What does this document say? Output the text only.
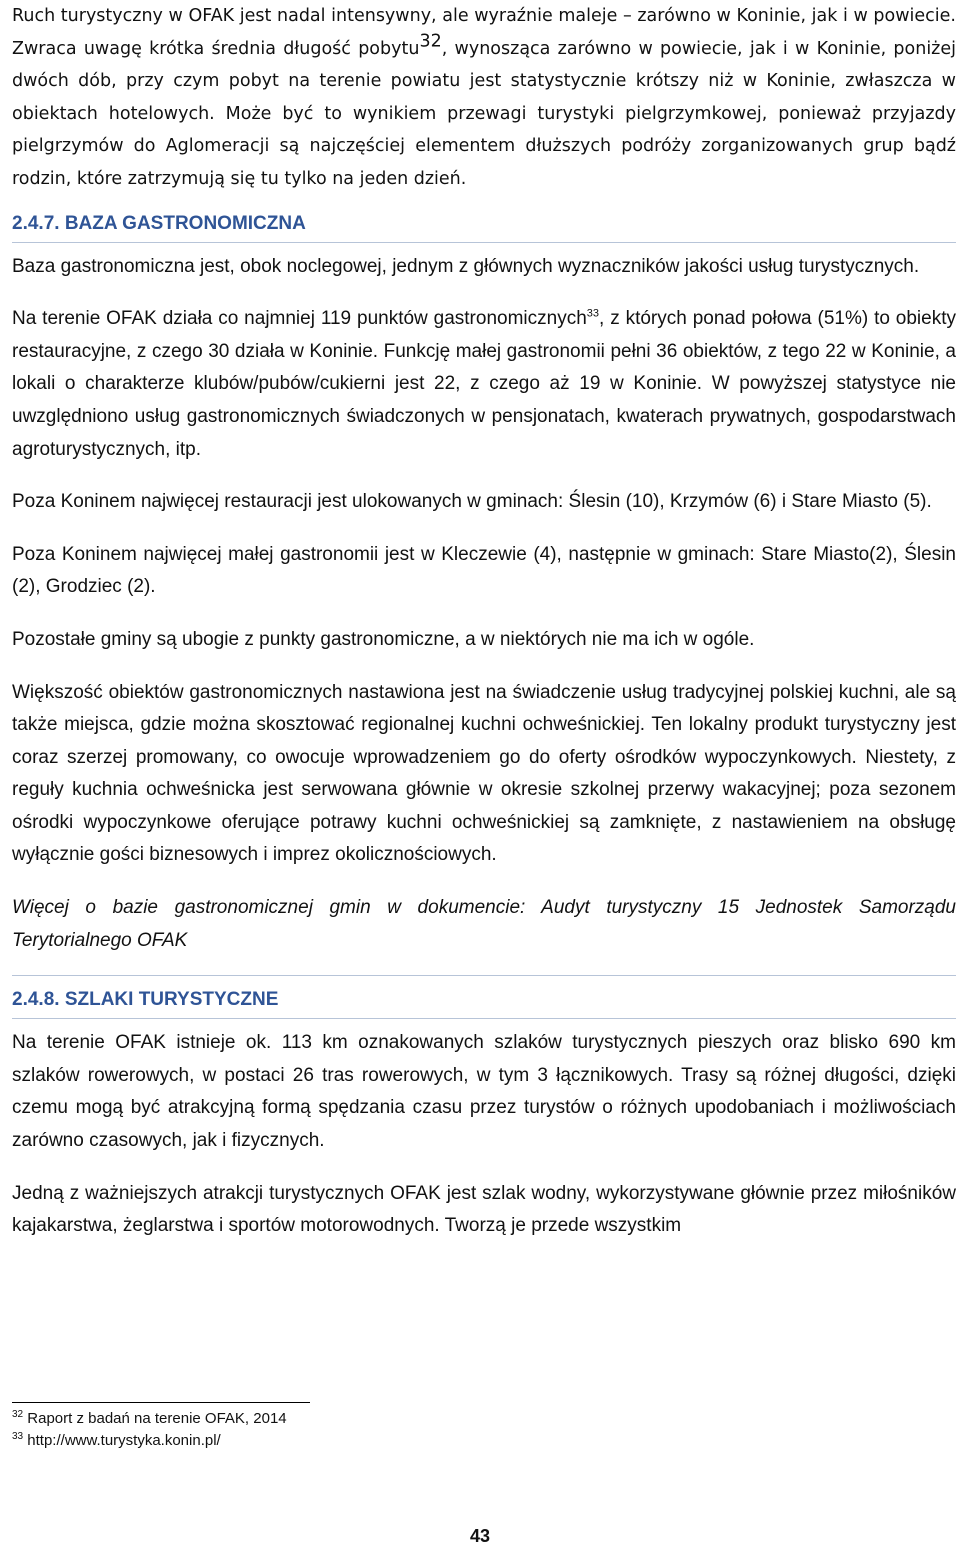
Ruch turystyczny w OFAK jest nadal intensywny, ale wyraźnie maleje – zarówno w Koninie, jak i w powiecie. Zwraca uwagę krótka średnia długość pobytu$^{32}$, wynosząca zarówno w powiecie, jak i w Koninie, poniżej dwóch dób, przy czym pobyt na terenie powiatu jest statystycznie krótszy niż w Koninie, zwłaszcza w obiektach hotelowych. Może być to wynikiem przewagi turystyki pielgrzymkowej, ponieważ przyjazdy pielgrzymów do Aglomeracji są najczęściej elementem dłuższych podróży zorganizowanych grup bądź rodzin, które zatrzymują się tu tylko na jeden dzień.

2.4.7. BAZA GASTRONOMICZNA

Baza gastronomiczna jest, obok noclegowej, jednym z głównych wyznaczników jakości usług turystycznych.

Na terenie OFAK działa co najmniej 119 punktów gastronomicznych$^{33}$, z których ponad połowa (51%) to obiekty restauracyjne, z czego 30 działa w Koninie. Funkcję małej gastronomii pełni 36 obiektów, z tego 22 w Koninie, a lokali o charakterze klubów/pubów/cukierni jest 22, z czego aż 19 w Koninie. W powyższej statystyce nie uwzględniono usług gastronomicznych świadczonych w pensjonatach, kwaterach prywatnych, gospodarstwach agroturystycznych, itp.

Poza Koninem najwięcej restauracji jest ulokowanych w gminach: Ślesin (10), Krzymów (6) i Stare Miasto (5).

Poza Koninem najwięcej małej gastronomii jest w Kleczewie (4), następnie w gminach: Stare Miasto(2), Ślesin (2), Grodziec (2).

Pozostałe gminy są ubogie z punkty gastronomiczne, a w niektórych nie ma ich w ogóle.

Większość obiektów gastronomicznych nastawiona jest na świadczenie usług tradycyjnej polskiej kuchni, ale są także miejsca, gdzie można skosztować regionalnej kuchni ochweśnickiej. Ten lokalny produkt turystyczny jest coraz szerzej promowany, co owocuje wprowadzeniem go do oferty ośrodków wypoczynkowych. Niestety, z reguły kuchnia ochweśnicka jest serwowana głównie w okresie szkolnej przerwy wakacyjnej; poza sezonem ośrodki wypoczynkowe oferujące potrawy kuchni ochweśnickiej są zamknięte, z nastawieniem na obsługę wyłącznie gości biznesowych i imprez okolicznościowych.

Więcej o bazie gastronomicznej gmin w dokumencie: Audyt turystyczny 15 Jednostek Samorządu Terytorialnego OFAK

2.4.8. SZLAKI TURYSTYCZNE

Na terenie OFAK istnieje ok. 113 km oznakowanych szlaków turystycznych pieszych oraz blisko 690 km szlaków rowerowych, w postaci 26 tras rowerowych, w tym 3 łącznikowych. Trasy są różnej długości, dzięki czemu mogą być atrakcyjną formą spędzania czasu przez turystów o różnych upodobaniach i możliwościach zarówno czasowych, jak i fizycznych.

Jedną z ważniejszych atrakcji turystycznych OFAK jest szlak wodny, wykorzystywane głównie przez miłośników kajakarstwa, żeglarstwa i sportów motorowodnych. Tworzą je przede wszystkim

$^{32}$ Raport z badań na terenie OFAK, 2014
$^{33}$ http://www.turystyka.konin.pl/
43
